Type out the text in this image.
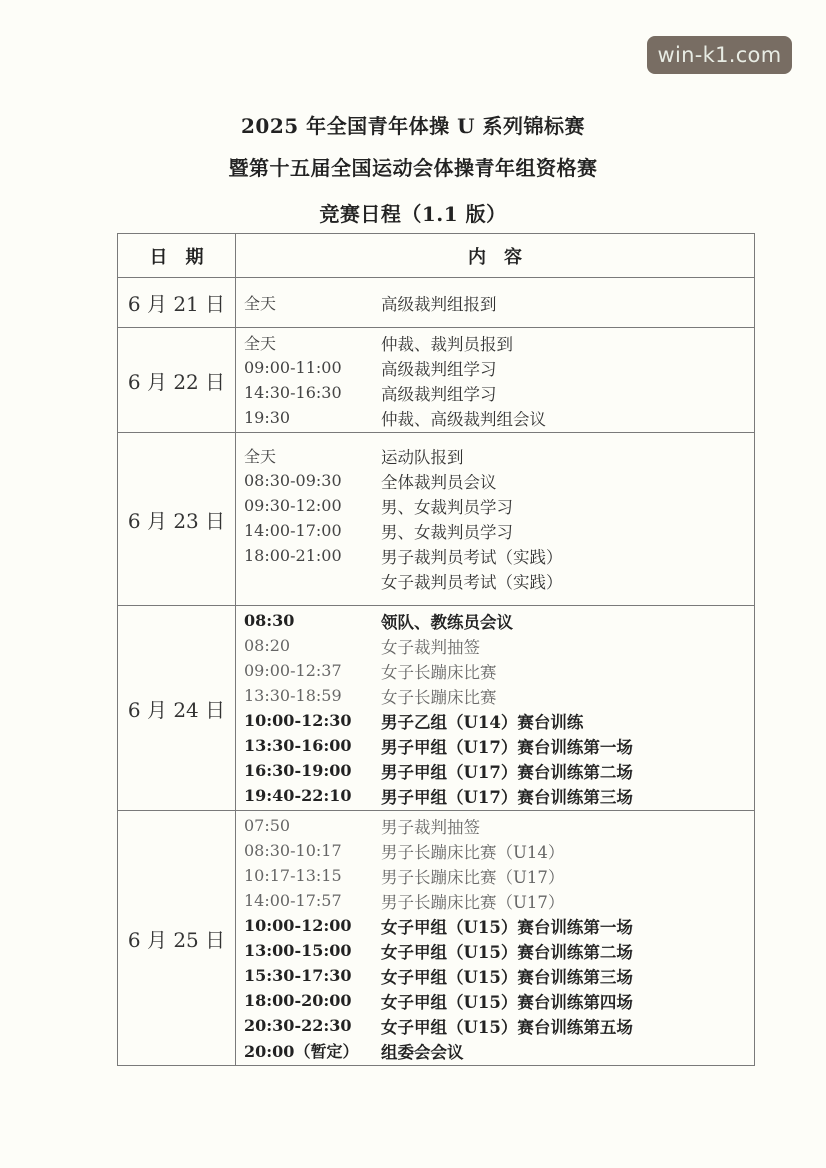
win-k1.com
2025 年全国青年体操 U 系列锦标赛
暨第十五届全国运动会体操青年组资格赛
竞赛日程（1.1 版）
日　期	内　容
6 月 21 日	全天 高级裁判组报到

6 月 22 日	
全天	仲裁、裁判员报到
09:00-11:00	高级裁判组学习
14:30-16:30	高级裁判组学习
19:30	仲裁、高级裁判组会议

6 月 23 日	
全天	运动队报到
08:30-09:30	全体裁判员会议
09:30-12:00	男、女裁判员学习
14:00-17:00	男、女裁判员学习
18:00-21:00	男子裁判员考试（实践）
女子裁判员考试（实践）

6 月 24 日	
08:30	领队、教练员会议
08:20	女子裁判抽签
09:00-12:37	女子长蹦床比赛
13:30-18:59	女子长蹦床比赛
10:00-12:30	男子乙组（U14）赛台训练
13:30-16:00	男子甲组（U17）赛台训练第一场
16:30-19:00	男子甲组（U17）赛台训练第二场
19:40-22:10	男子甲组（U17）赛台训练第三场

6 月 25 日	
07:50	男子裁判抽签
08:30-10:17	男子长蹦床比赛（U14）
10:17-13:15	男子长蹦床比赛（U17）
14:00-17:57	男子长蹦床比赛（U17）
10:00-12:00	女子甲组（U15）赛台训练第一场
13:00-15:00	女子甲组（U15）赛台训练第二场
15:30-17:30	女子甲组（U15）赛台训练第三场
18:00-20:00	女子甲组（U15）赛台训练第四场
20:30-22:30	女子甲组（U15）赛台训练第五场
20:00（暂定）	组委会会议
